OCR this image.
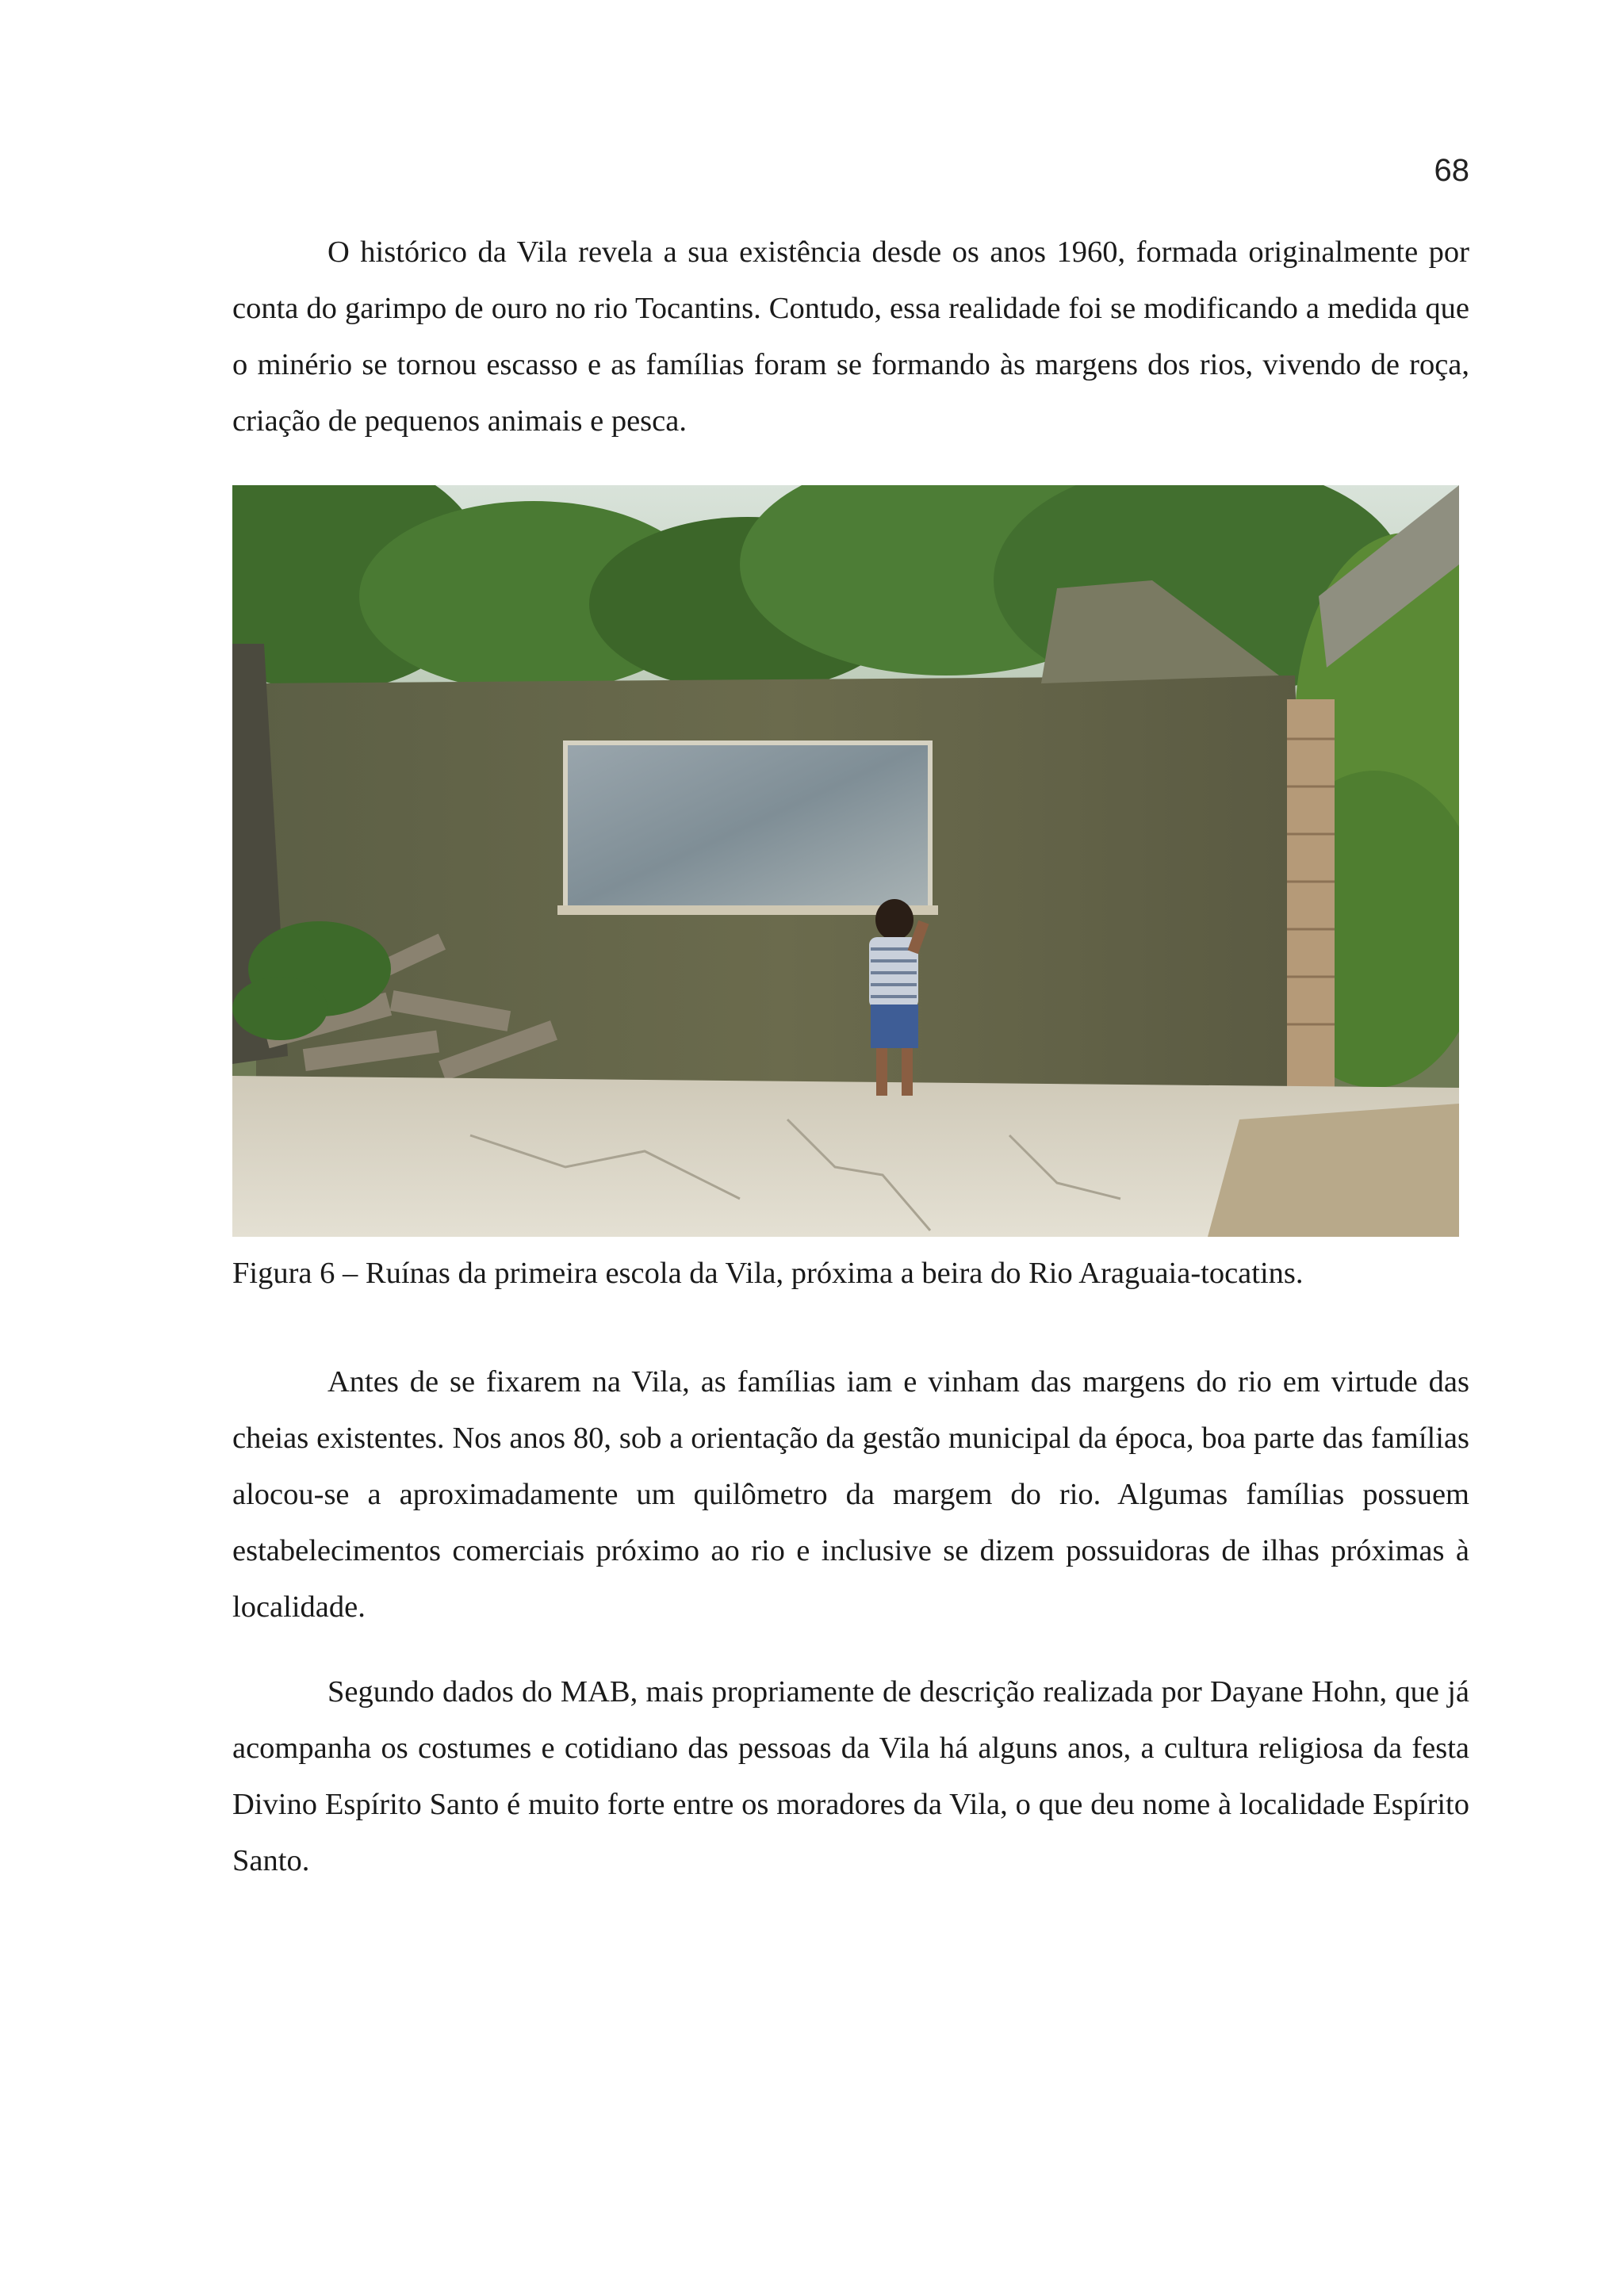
68

O histórico da Vila revela a sua existência desde os anos 1960, formada originalmente por conta do garimpo de ouro no rio Tocantins. Contudo, essa realidade foi se modificando a medida que o minério se tornou escasso e as famílias foram se formando às margens dos rios, vivendo de roça, criação de pequenos animais e pesca.

Figura 6 – Ruínas da primeira escola da Vila, próxima a beira do Rio Araguaia-tocatins.

Antes de se fixarem na Vila, as famílias iam e vinham das margens do rio em virtude das cheias existentes. Nos anos 80, sob a orientação da gestão municipal da época, boa parte das famílias alocou-se a aproximadamente um quilômetro da margem do rio. Algumas famílias possuem estabelecimentos comerciais próximo ao rio e inclusive se dizem possuidoras de ilhas próximas à localidade.

Segundo dados do MAB, mais propriamente de descrição realizada por Dayane Hohn, que já acompanha os costumes e cotidiano das pessoas da Vila há alguns anos, a cultura religiosa da festa Divino Espírito Santo é muito forte entre os moradores da Vila, o que deu nome à localidade Espírito Santo.
